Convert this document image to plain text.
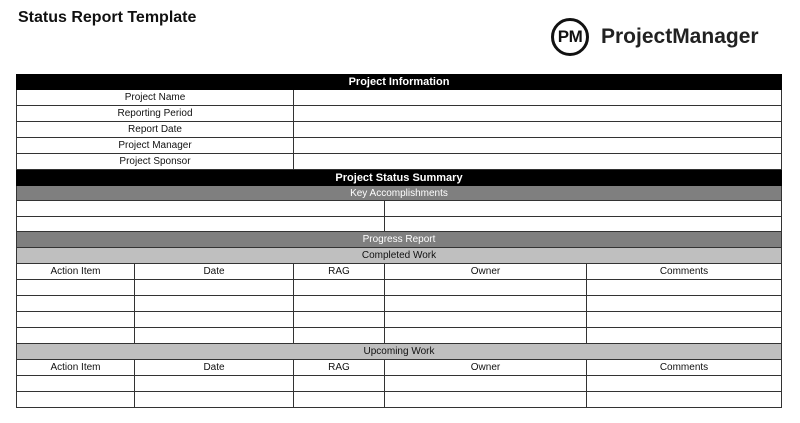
Status Report Template
PM ProjectManager
Project Information
Project Name
Reporting Period
Report Date
Project Manager
Project Sponsor
Project Status Summary
Key Accomplishments
Progress Report
Completed Work
Action Item	Date	RAG	Owner	Comments
Upcoming Work
Action Item	Date	RAG	Owner	Comments
